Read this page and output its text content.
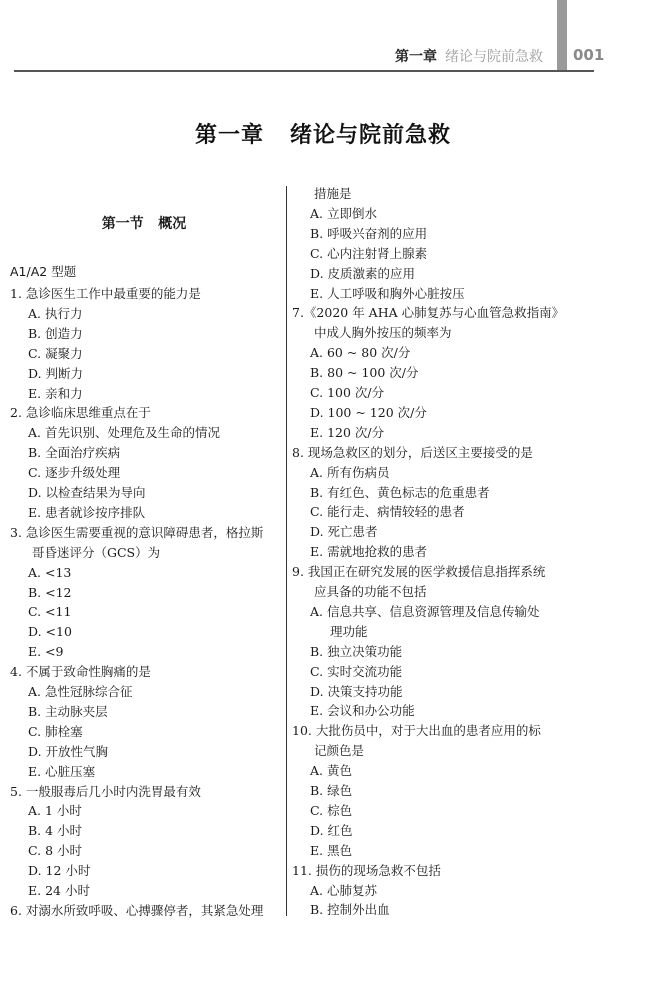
第一章 绪论与院前急救 001
第一章   绪论与院前急救
第一节   概况
A1/A2 型题
1. 急诊医生工作中最重要的能力是
A. 执行力
B. 创造力
C. 凝聚力
D. 判断力
E. 亲和力
2. 急诊临床思维重点在于
A. 首先识别、处理危及生命的情况
B. 全面治疗疾病
C. 逐步升级处理
D. 以检查结果为导向
E. 患者就诊按序排队
3. 急诊医生需要重视的意识障碍患者，格拉斯
哥昏迷评分（GCS）为
A. <13
B. <12
C. <11
D. <10
E. <9
4. 不属于致命性胸痛的是
A. 急性冠脉综合征
B. 主动脉夹层
C. 肺栓塞
D. 开放性气胸
E. 心脏压塞
5. 一般服毒后几小时内洗胃最有效
A. 1 小时
B. 4 小时
C. 8 小时
D. 12 小时
E. 24 小时
6. 对溺水所致呼吸、心搏骤停者，其紧急处理
措施是
A. 立即倒水
B. 呼吸兴奋剂的应用
C. 心内注射肾上腺素
D. 皮质激素的应用
E. 人工呼吸和胸外心脏按压
7.《2020 年 AHA 心肺复苏与心血管急救指南》
中成人胸外按压的频率为
A. 60 ~ 80 次/分
B. 80 ~ 100 次/分
C. 100 次/分
D. 100 ~ 120 次/分
E. 120 次/分
8. 现场急救区的划分，后送区主要接受的是
A. 所有伤病员
B. 有红色、黄色标志的危重患者
C. 能行走、病情较轻的患者
D. 死亡患者
E. 需就地抢救的患者
9. 我国正在研究发展的医学救援信息指挥系统
应具备的功能不包括
A. 信息共享、信息资源管理及信息传输处
理功能
B. 独立决策功能
C. 实时交流功能
D. 决策支持功能
E. 会议和办公功能
10. 大批伤员中，对于大出血的患者应用的标
记颜色是
A. 黄色
B. 绿色
C. 棕色
D. 红色
E. 黑色
11. 损伤的现场急救不包括
A. 心肺复苏
B. 控制外出血
